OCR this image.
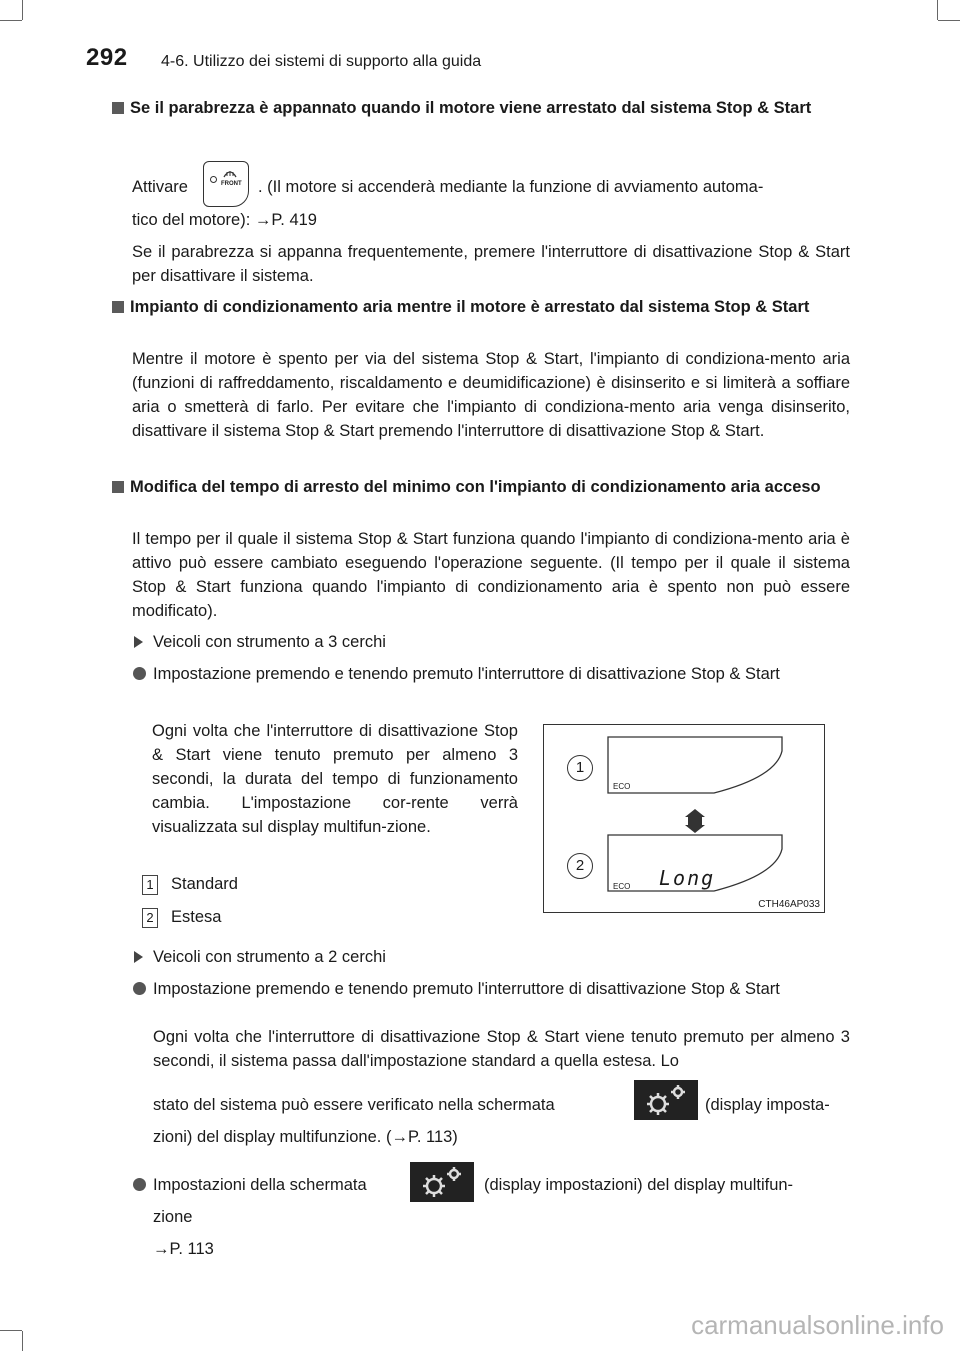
292 4-6. Utilizzo dei sistemi di supporto alla guida
Se il parabrezza è appannato quando il motore viene arrestato dal sistema Stop & Start
Attivare	FRONT . (Il motore si accenderà mediante la funzione di avviamento automa-
tico del motore): →P. 419
Se il parabrezza si appanna frequentemente, premere l'interruttore di disattivazione Stop & Start per disattivare il sistema.
Impianto di condizionamento aria mentre il motore è arrestato dal sistema Stop & Start
Mentre il motore è spento per via del sistema Stop & Start, l'impianto di condiziona-mento aria (funzioni di raffreddamento, riscaldamento e deumidificazione) è disinserito e si limiterà a soffiare aria o smetterà di farlo. Per evitare che l'impianto di condiziona-mento aria venga disinserito, disattivare il sistema Stop & Start premendo l'interruttore di disattivazione Stop & Start.
Modifica del tempo di arresto del minimo con l'impianto di condizionamento aria acceso
Il tempo per il quale il sistema Stop & Start funziona quando l'impianto di condiziona-mento aria è attivo può essere cambiato eseguendo l'operazione seguente. (Il tempo per il quale il sistema Stop & Start funziona quando l'impianto di condizionamento aria è spento non può essere modificato).
Veicoli con strumento a 3 cerchi
Impostazione premendo e tenendo premuto l'interruttore di disattivazione Stop & Start
Ogni volta che l'interruttore di disattivazione Stop & Start viene tenuto premuto per almeno 3 secondi, la durata del tempo di funzionamento cambia. L'impostazione cor-rente verrà visualizzata sul display multifun-zione.
1 Standard
2 Estesa
1
2
ECO
ECO Long
CTH46AP033
Veicoli con strumento a 2 cerchi
Impostazione premendo e tenendo premuto l'interruttore di disattivazione Stop & Start
Ogni volta che l'interruttore di disattivazione Stop & Start viene tenuto premuto per almeno 3 secondi, il sistema passa dall'impostazione standard a quella estesa. Lo
stato del sistema può essere verificato nella schermata	(display imposta-
zioni) del display multifunzione. (→P. 113)
Impostazioni della schermata	(display impostazioni) del display multifun-
zione
→P. 113
carmanualsonline.info
